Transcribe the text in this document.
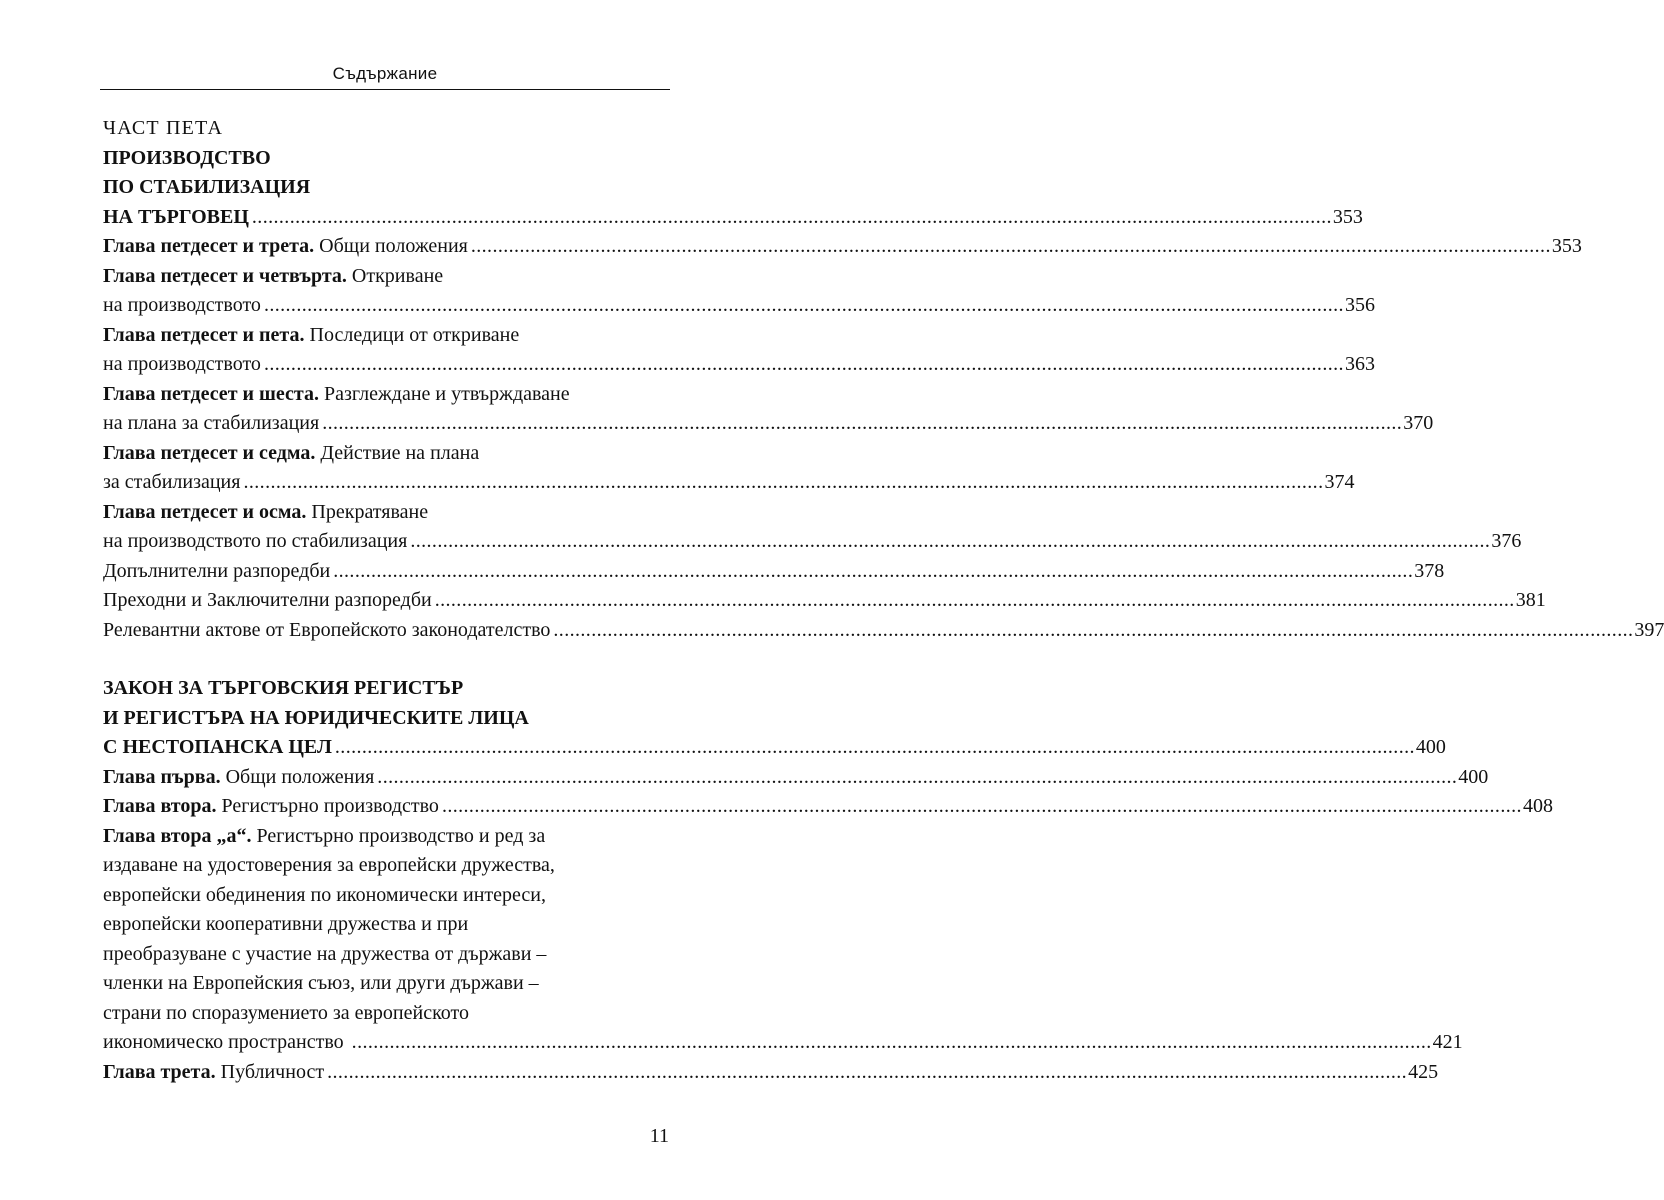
Съдържание
ЧАСТ ПЕТА
ПРОИЗВОДСТВО
ПО СТАБИЛИЗАЦИЯ
НА ТЪРГОВЕЦ ........................................................................................................................................................................................................ 353
Глава петдесет и трета. Общи положения ........................................................................................................................................................................................................ 353
Глава петдесет и четвърта. Откриване
на производството ........................................................................................................................................................................................................ 356
Глава петдесет и пета. Последици от откриване
на производството ........................................................................................................................................................................................................ 363
Глава петдесет и шеста. Разглеждане и утвърждаване
на плана за стабилизация ........................................................................................................................................................................................................ 370
Глава петдесет и седма. Действие на плана
за стабилизация ........................................................................................................................................................................................................ 374
Глава петдесет и осма. Прекратяване
на производството по стабилизация ........................................................................................................................................................................................................ 376
Допълнителни разпоредби ........................................................................................................................................................................................................ 378
Преходни и Заключителни разпоредби ........................................................................................................................................................................................................ 381
Релевантни актове от Европейското законодателство ........................................................................................................................................................................................................ 397
ЗАКОН ЗА ТЪРГОВСКИЯ РЕГИСТЪР
И РЕГИСТЪРА НА ЮРИДИЧЕСКИТЕ ЛИЦА
С НЕСТОПАНСКА ЦЕЛ ........................................................................................................................................................................................................ 400
Глава първа. Общи положения ........................................................................................................................................................................................................ 400
Глава втора. Регистърно производство ........................................................................................................................................................................................................ 408
Глава втора „а“. Регистърно производство и ред за
издаване на удостоверения за европейски дружества,
европейски обединения по икономически интереси,
европейски кооперативни дружества и при
преобразуване с участие на дружества от държави –
членки на Европейския съюз, или други държави –
страни по споразумението за европейското
икономическо пространство ........................................................................................................................................................................................................ 421
Глава трета. Публичност ........................................................................................................................................................................................................ 425
11
